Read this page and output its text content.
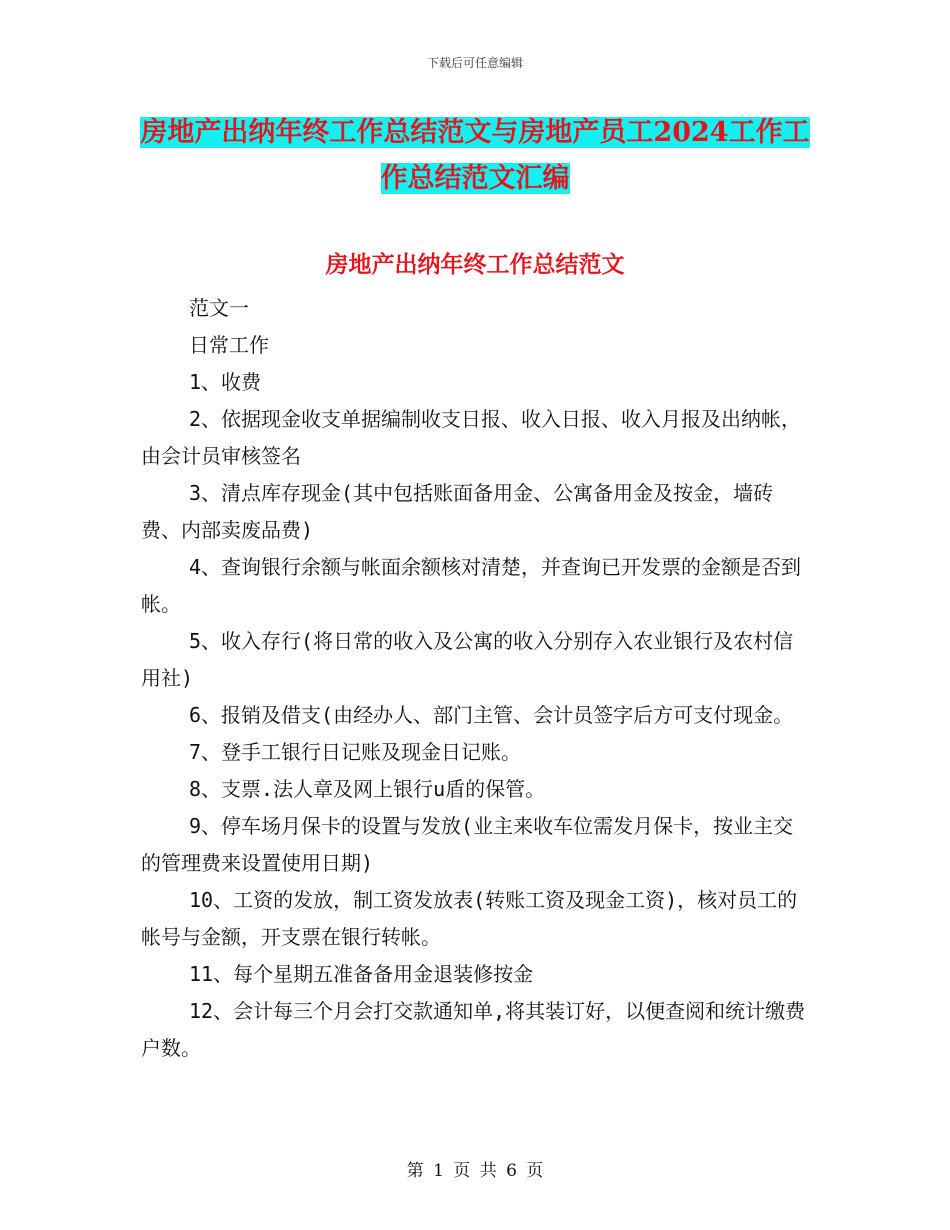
下载后可任意编辑
房地产出纳年终工作总结范文与房地产员工2024工作工作总结范文汇编
房地产出纳年终工作总结范文

范文一

日常工作

1、收费

2、依据现金收支单据编制收支日报、收入日报、收入月报及出纳帐，由会计员审核签名

3、清点库存现金(其中包括账面备用金、公寓备用金及按金，墙砖费、内部卖废品费)

4、查询银行余额与帐面余额核对清楚，并查询已开发票的金额是否到帐。

5、收入存行(将日常的收入及公寓的收入分别存入农业银行及农村信用社)

6、报销及借支(由经办人、部门主管、会计员签字后方可支付现金。

7、登手工银行日记账及现金日记账。

8、支票.法人章及网上银行u盾的保管。

9、停车场月保卡的设置与发放(业主来收车位需发月保卡，按业主交的管理费来设置使用日期)

10、工资的发放，制工资发放表(转账工资及现金工资)，核对员工的帐号与金额，开支票在银行转帐。

11、每个星期五准备备用金退装修按金

12、会计每三个月会打交款通知单,将其装订好，以便查阅和统计缴费户数。

第 1 页 共 6 页
